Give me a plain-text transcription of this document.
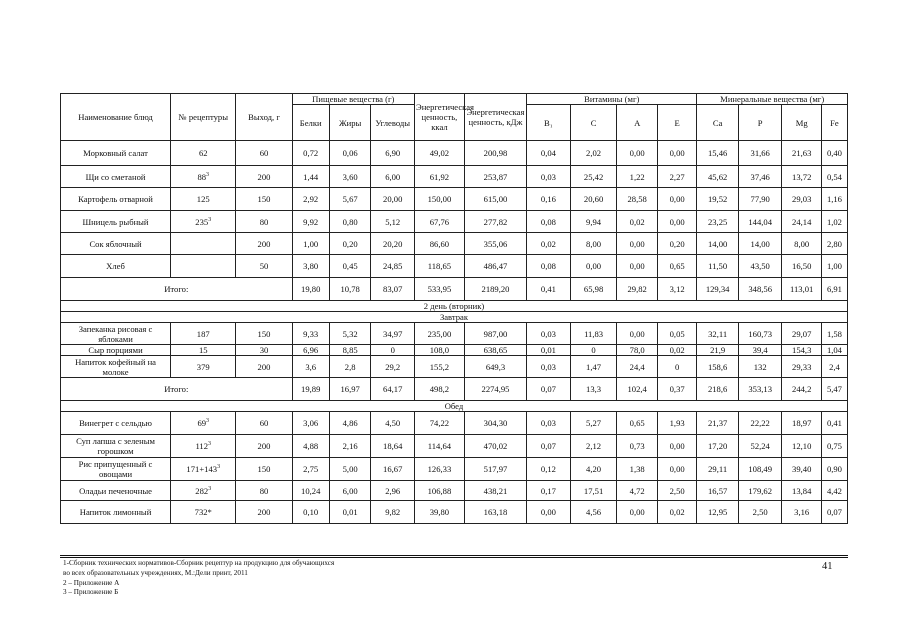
Наименование блюд	№ рецептуры	Выход, г	Пищевые вещества (г)			Энергетическая ценность, ккал	Энергетическая ценность, кДж	Витамины (мг)				Минеральные вещества (мг)			
			Белки	Жиры	Углеводы			B₁	C	A	E	Ca	P	Mg	Fe
Морковный салат	62	60	0,72	0,06	6,90	49,02	200,98	0,04	2,02	0,00	0,00	15,46	31,66	21,63	0,40
Щи со сметаной	$88^3$	200	1,44	3,60	6,00	61,92	253,87	0,03	25,42	1,22	2,27	45,62	37,46	13,72	0,54
Картофель отварной	125	150	2,92	5,67	20,00	150,00	615,00	0,16	20,60	28,58	0,00	19,52	77,90	29,03	1,16
Шницель рыбный	$235^3$	80	9,92	0,80	5,12	67,76	277,82	0,08	9,94	0,02	0,00	23,25	144,04	24,14	1,02
Сок яблочный		200	1,00	0,20	20,20	86,60	355,06	0,02	8,00	0,00	0,20	14,00	14,00	8,00	2,80
Хлеб		50	3,80	0,45	24,85	118,65	486,47	0,08	0,00	0,00	0,65	11,50	43,50	16,50	1,00
Итого:			19,80	10,78	83,07	533,95	2189,20	0,41	65,98	29,82	3,12	129,34	348,56	113,01	6,91
2 день (вторник)															
Завтрак															
Запеканка рисовая с яблоками	187	150	9,33	5,32	34,97	235,00	987,00	0,03	11,83	0,00	0,05	32,11	160,73	29,07	1,58
Сыр порциями	15	30	6,96	8,85	0	108,0	638,65	0,01	0	78,0	0,02	21,9	39,4	154,3	1,04
Напиток кофейный на молоке	379	200	3,6	2,8	29,2	155,2	649,3	0,03	1,47	24,4	0	158,6	132	29,33	2,4
Итого:			19,89	16,97	64,17	498,2	2274,95	0,07	13,3	102,4	0,37	218,6	353,13	244,2	5,47
Обед															
Винегрет с сельдью	$69^3$	60	3,06	4,86	4,50	74,22	304,30	0,03	5,27	0,65	1,93	21,37	22,22	18,97	0,41
Суп лапша с зеленым горошком	$112^3$	200	4,88	2,16	18,64	114,64	470,02	0,07	2,12	0,73	0,00	17,20	52,24	12,10	0,75
Рис припущенный с овощами	$171+143^3$	150	2,75	5,00	16,67	126,33	517,97	0,12	4,20	1,38	0,00	29,11	108,49	39,40	0,90
Оладьи печеночные	$282^3$	80	10,24	6,00	2,96	106,88	438,21	0,17	17,51	4,72	2,50	16,57	179,62	13,84	4,42
Напиток лимонный	732*	200	0,10	0,01	9,82	39,80	163,18	0,00	4,56	0,00	0,02	12,95	2,50	3,16	0,07
1-Сборник технических нормативов-Сборник рецептур на продукцию для обучающихся
во всех образовательных учреждениях, М.:Дели принт, 2011
2 – Приложение А
3 – Приложение Б
41
